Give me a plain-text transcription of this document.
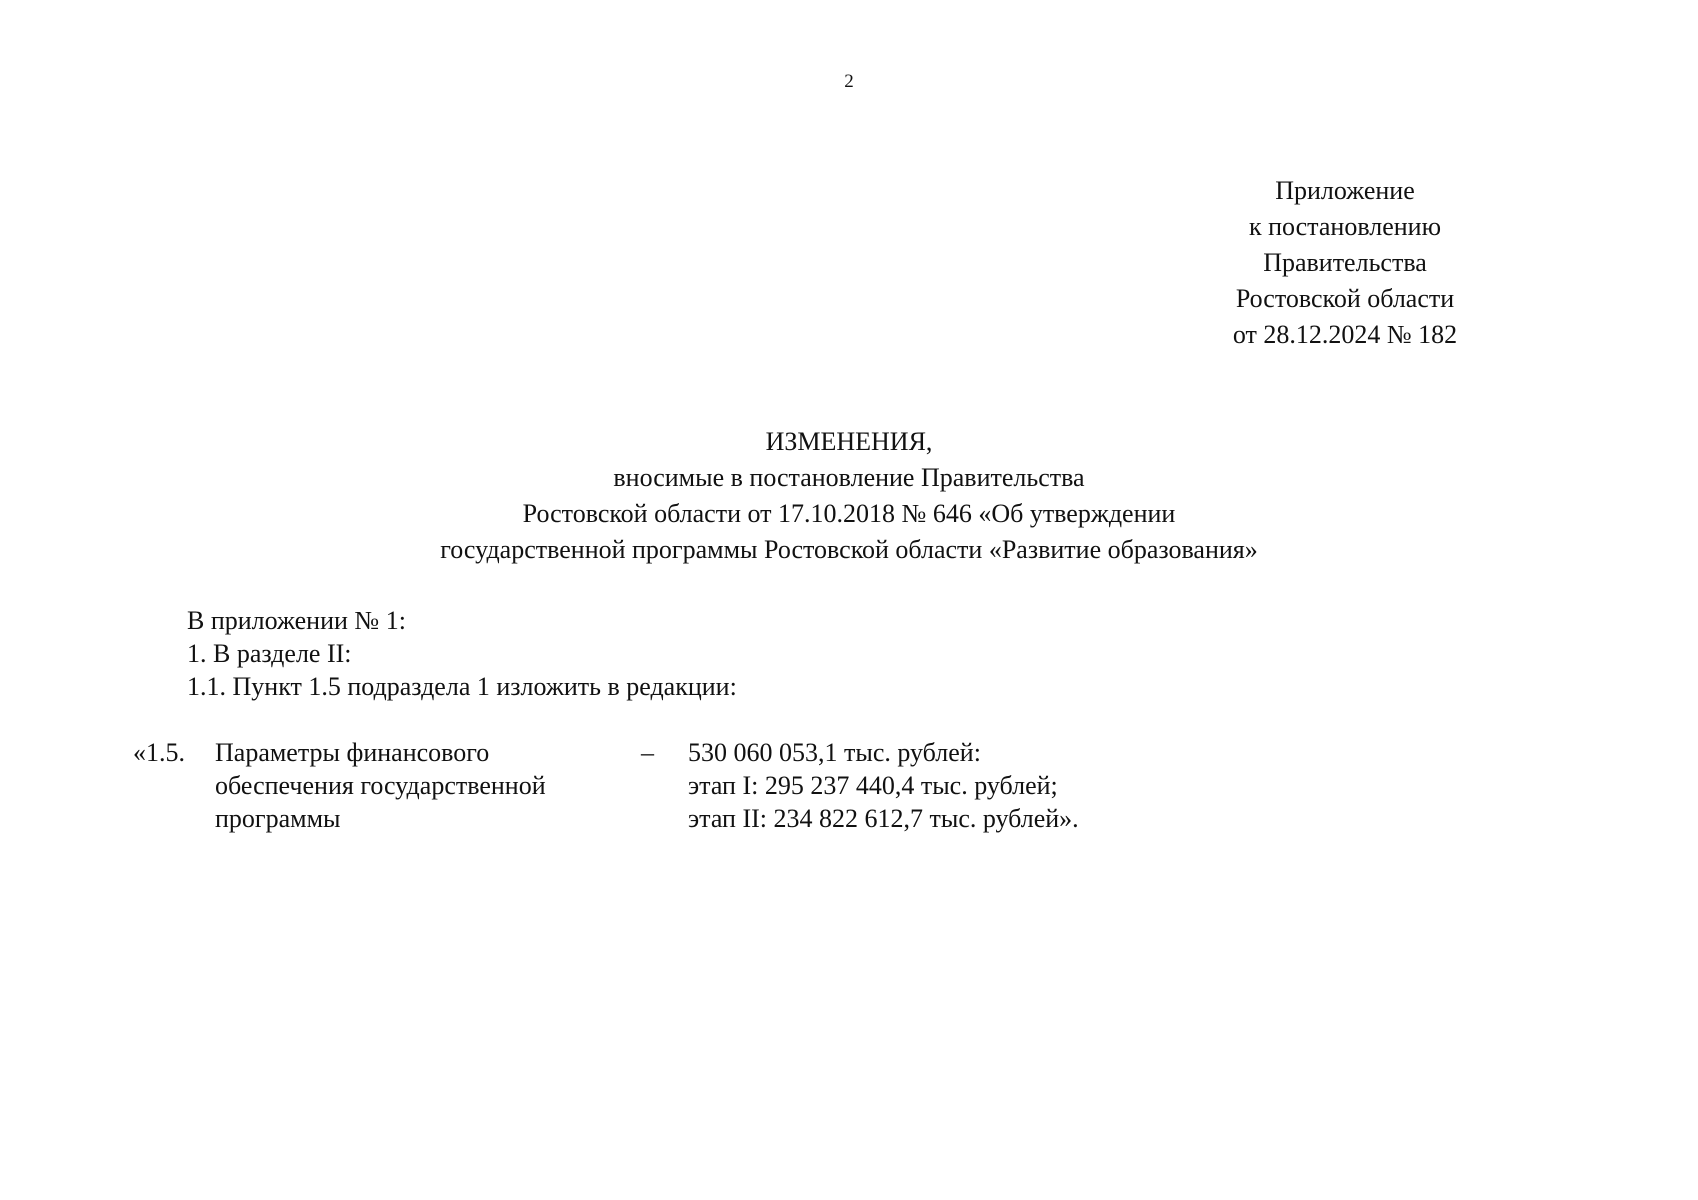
2
Приложение
к постановлению
Правительства
Ростовской области
от 28.12.2024 № 182
ИЗМЕНЕНИЯ,
вносимые в постановление Правительства
Ростовской области от 17.10.2018 № 646 «Об утверждении
государственной программы Ростовской области «Развитие образования»
В приложении № 1:
1. В разделе II:
1.1. Пункт 1.5 подраздела 1 изложить в редакции:
«1.5. Параметры финансового
обеспечения государственной
программы
– 530 060 053,1 тыс. рублей:
этап I: 295 237 440,4 тыс. рублей;
этап II: 234 822 612,7 тыс. рублей».
